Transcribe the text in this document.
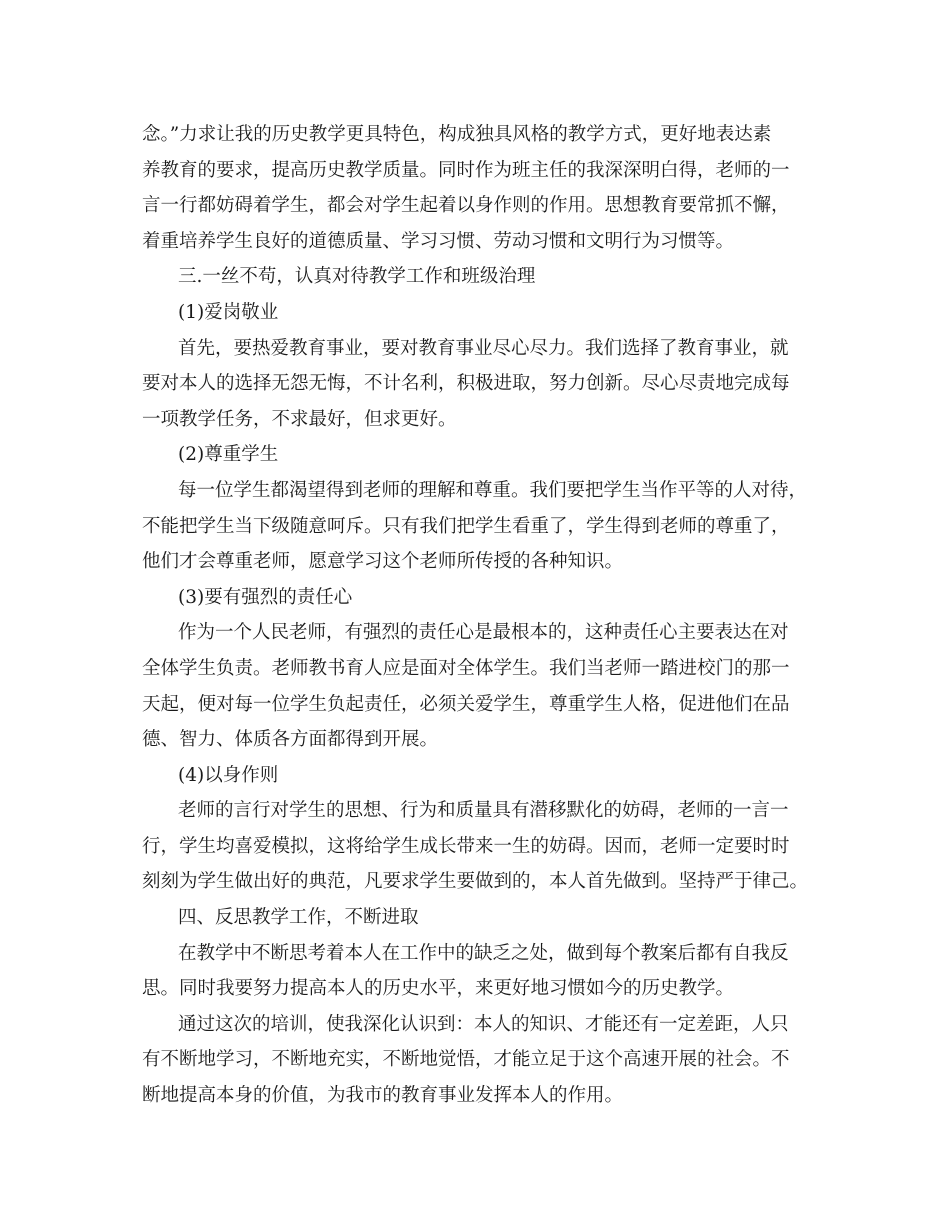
念。”力求让我的历史教学更具特色，构成独具风格的教学方式，更好地表达素
养教育的要求，提高历史教学质量。同时作为班主任的我深深明白得，老师的一
言一行都妨碍着学生，都会对学生起着以身作则的作用。思想教育要常抓不懈，
着重培养学生良好的道德质量、学习习惯、劳动习惯和文明行为习惯等。
三.一丝不苟，认真对待教学工作和班级治理
(1)爱岗敬业
首先，要热爱教育事业，要对教育事业尽心尽力。我们选择了教育事业，就
要对本人的选择无怨无悔，不计名利，积极进取，努力创新。尽心尽责地完成每
一项教学任务，不求最好，但求更好。
(2)尊重学生
每一位学生都渴望得到老师的理解和尊重。我们要把学生当作平等的人对待，
不能把学生当下级随意呵斥。只有我们把学生看重了，学生得到老师的尊重了，
他们才会尊重老师，愿意学习这个老师所传授的各种知识。
(3)要有强烈的责任心
作为一个人民老师，有强烈的责任心是最根本的，这种责任心主要表达在对
全体学生负责。老师教书育人应是面对全体学生。我们当老师一踏进校门的那一
天起，便对每一位学生负起责任，必须关爱学生，尊重学生人格，促进他们在品
德、智力、体质各方面都得到开展。
(4)以身作则
老师的言行对学生的思想、行为和质量具有潜移默化的妨碍，老师的一言一
行，学生均喜爱模拟，这将给学生成长带来一生的妨碍。因而，老师一定要时时
刻刻为学生做出好的典范，凡要求学生要做到的，本人首先做到。坚持严于律己。
四、反思教学工作，不断进取
在教学中不断思考着本人在工作中的缺乏之处，做到每个教案后都有自我反
思。同时我要努力提高本人的历史水平，来更好地习惯如今的历史教学。
通过这次的培训，使我深化认识到：本人的知识、才能还有一定差距，人只
有不断地学习，不断地充实，不断地觉悟，才能立足于这个高速开展的社会。不
断地提高本身的价值，为我市的教育事业发挥本人的作用。
